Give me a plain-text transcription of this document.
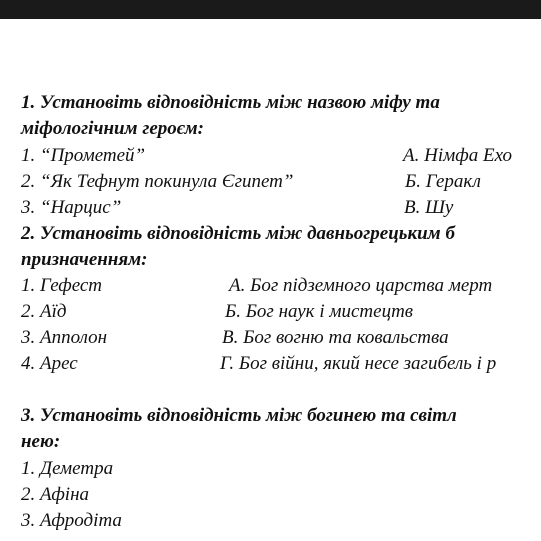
1. Установіть відповідність між назвою міфу та
міфологічним героєм:
1. “Прометей”	А. Німфа Ехо
2. “Як Тефнут покинула Єгипет”	Б. Геракл
3. “Нарцис”	В. Шу
2. Установіть відповідність між давньогрецьким б
призначенням:
1. Гефест	А. Бог підземного царства мерт
2. Аїд	Б. Бог наук і мистецтв
3. Апполон	В. Бог вогню та ковальства
4. Арес	Г. Бог війни, який несе загибель і р
3. Установіть відповідність між богинею та світл
нею:
1. Деметра
2. Афіна
3. Афродіта
